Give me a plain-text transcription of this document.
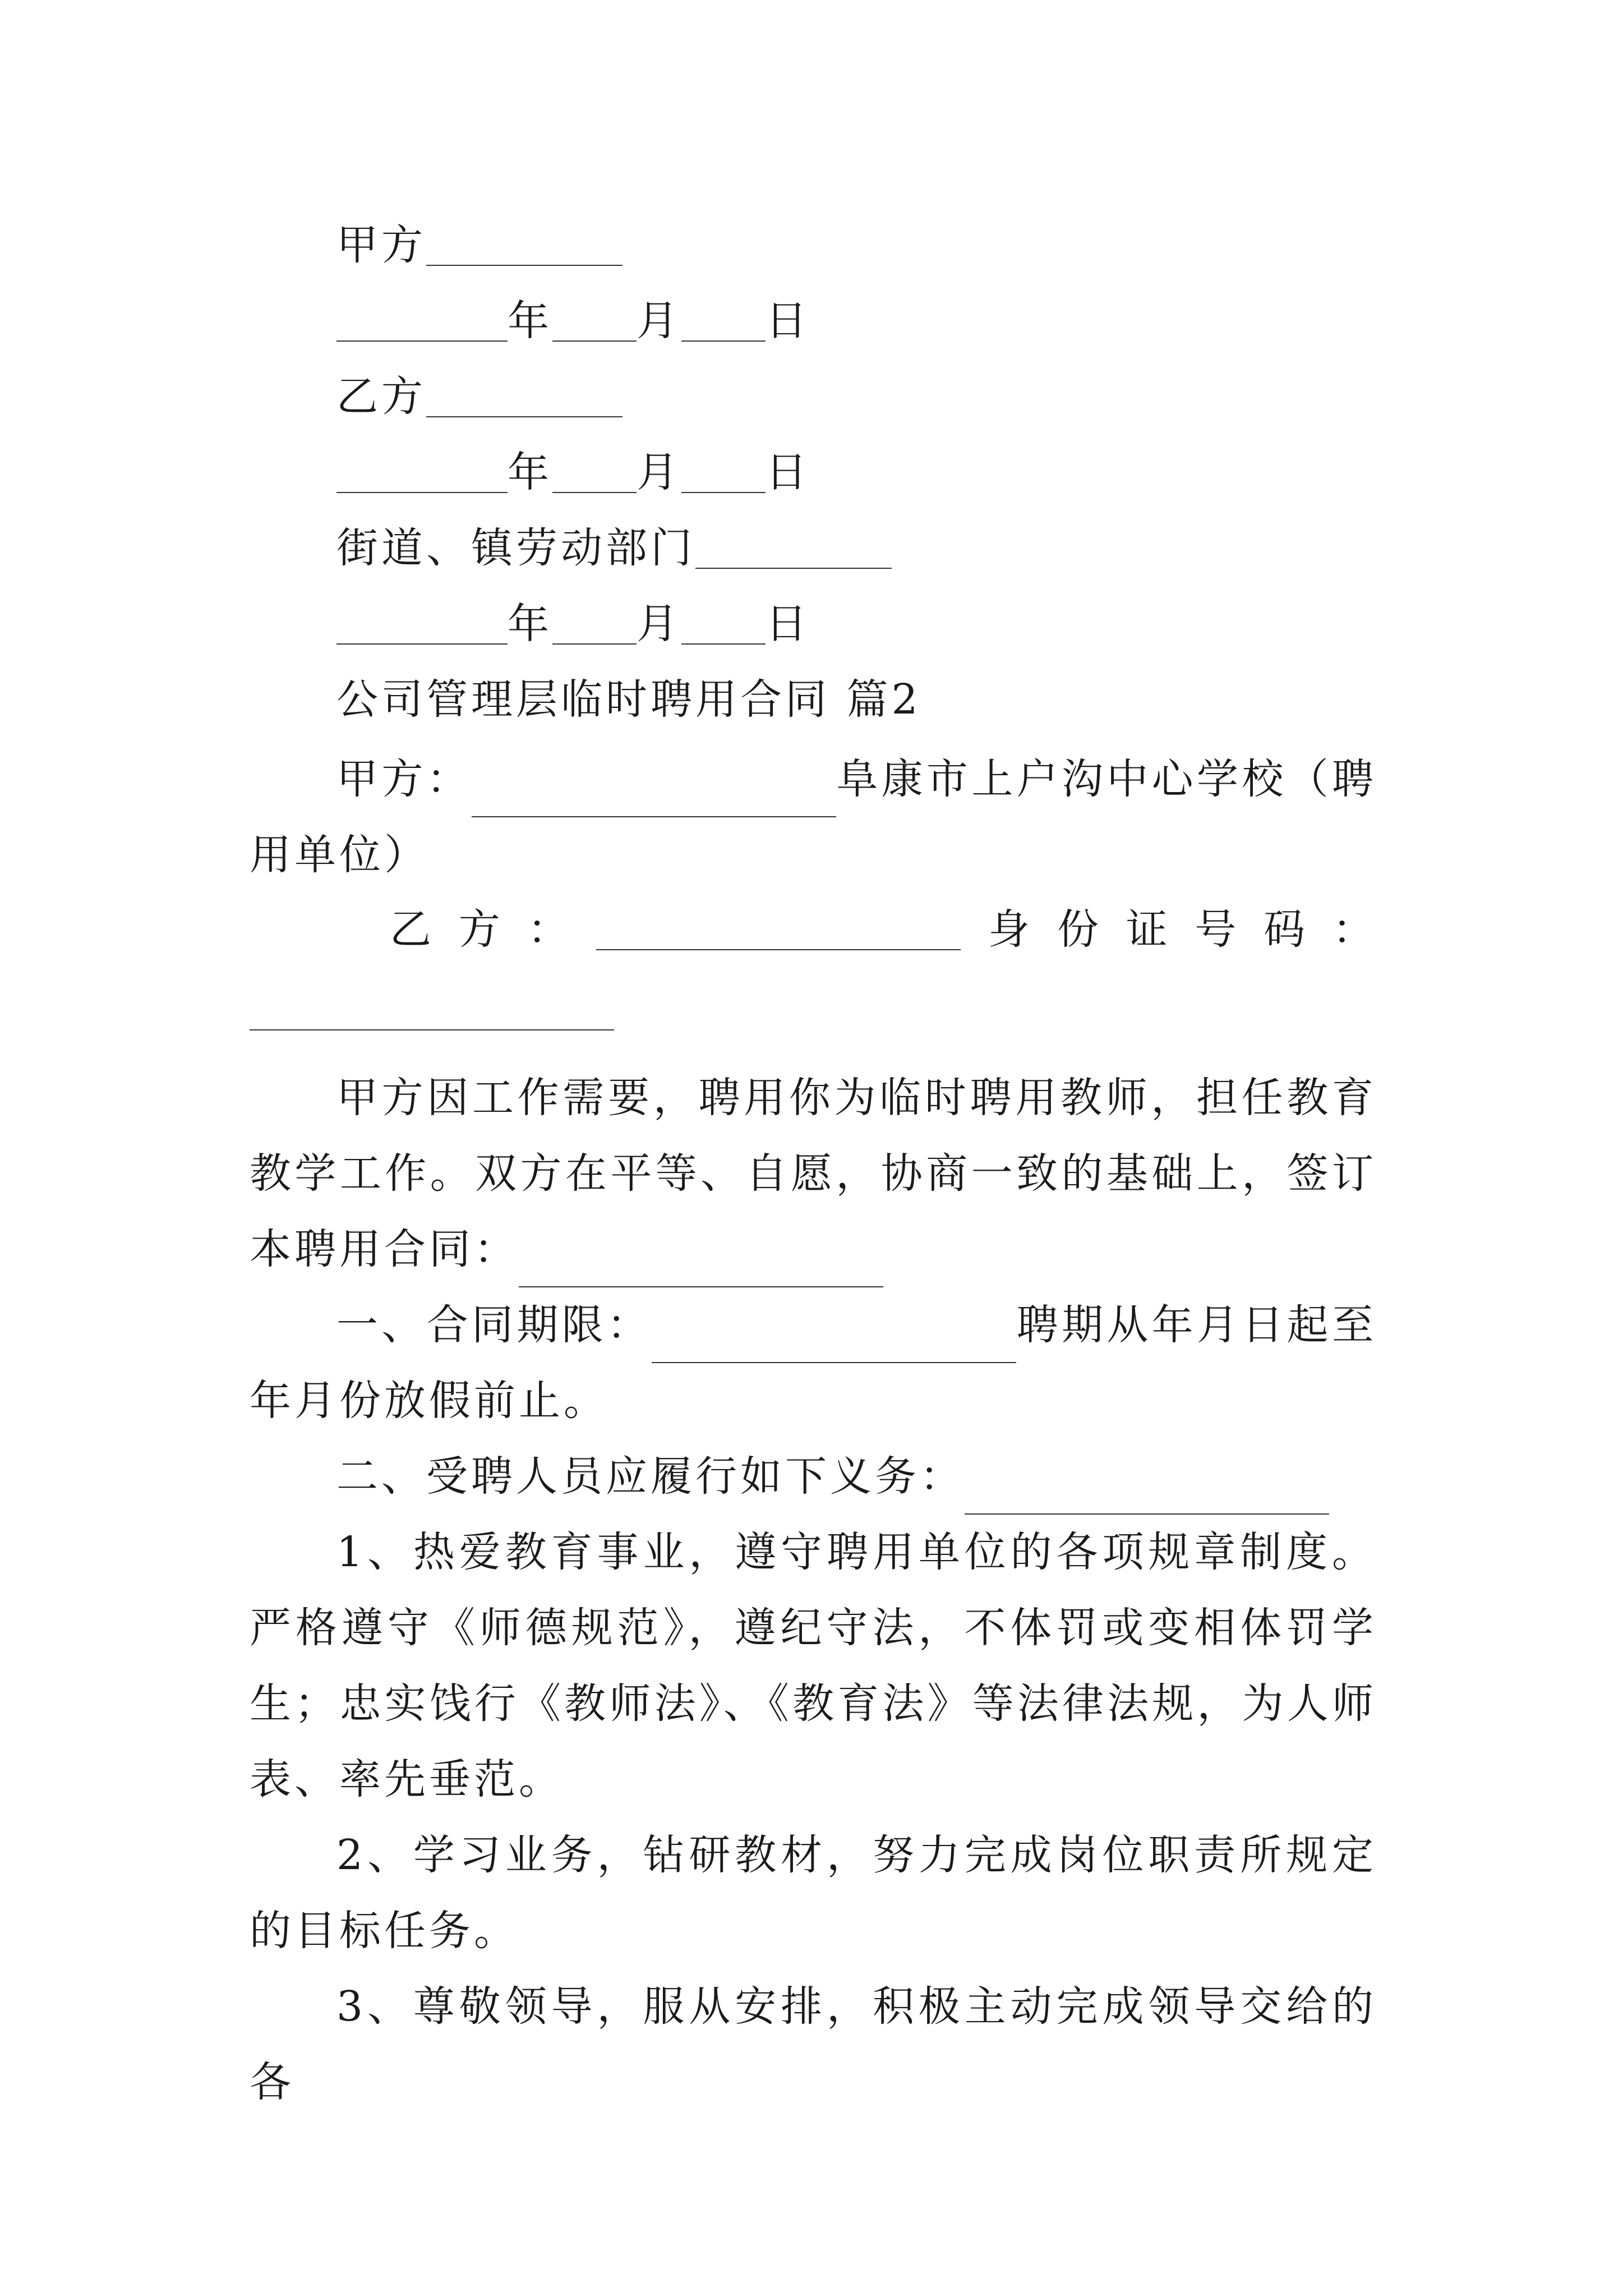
甲方
年 月 日
乙方
年 月 日
街道、镇劳动部门
年 月 日
公司管理层临时聘用合同 篇2
甲方：	阜康市上户沟中心学校（聘用单位）
乙 方 ：	身 份 证 号 码 ：
甲方因工作需要，聘用你为临时聘用教师，担任教育教学工作。双方在平等、自愿，协商一致的基础上，签订本聘用合同：
一、合同期限：	聘期从年月日起至年月份放假前止。
二、受聘人员应履行如下义务：
1、热爱教育事业，遵守聘用单位的各项规章制度。严格遵守《师德规范》，遵纪守法，不体罚或变相体罚学生；忠实饯行《教师法》、《教育法》等法律法规，为人师表、率先垂范。
2、学习业务，钻研教材，努力完成岗位职责所规定的目标任务。
3、尊敬领导，服从安排，积极主动完成领导交给的各
